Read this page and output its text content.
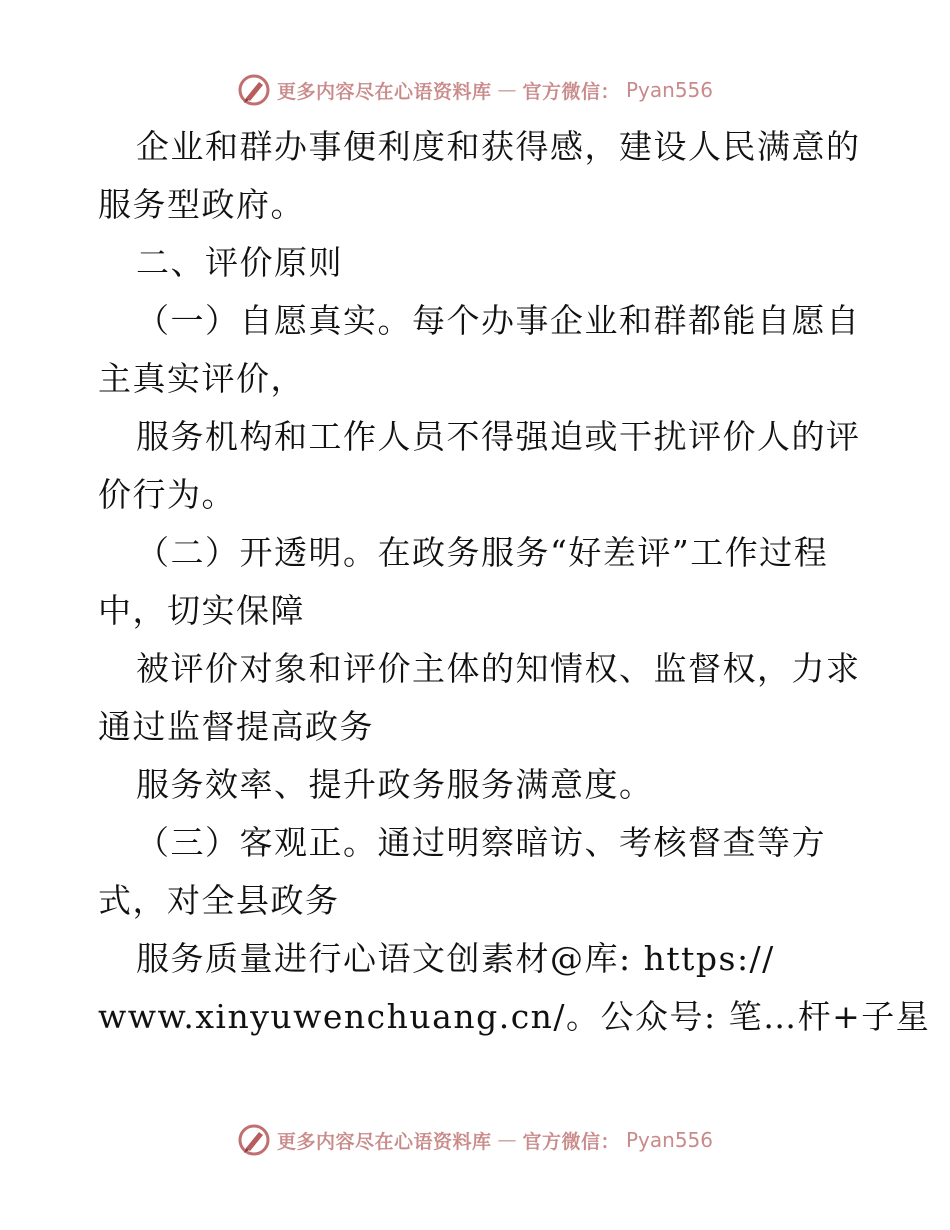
更多内容尽在心语资料库 — 官方微信： Pyan556
企业和群办事便利度和获得感，建设人民满意的
服务型政府。
二、评价原则
（一）自愿真实。每个办事企业和群都能自愿自
主真实评价，
服务机构和工作人员不得强迫或干扰评价人的评
价行为。
（二）开透明。在政务服务“好差评”工作过程
中，切实保障
被评价对象和评价主体的知情权、监督权，力求
通过监督提高政务
服务效率、提升政务服务满意度。
（三）客观正。通过明察暗访、考核督查等方
式，对全县政务
服务质量进行心语文创素材@库: https://
www.xinyuwenchuang.cn/。公众号: 笔…杆+子星
更多内容尽在心语资料库 — 官方微信： Pyan556
